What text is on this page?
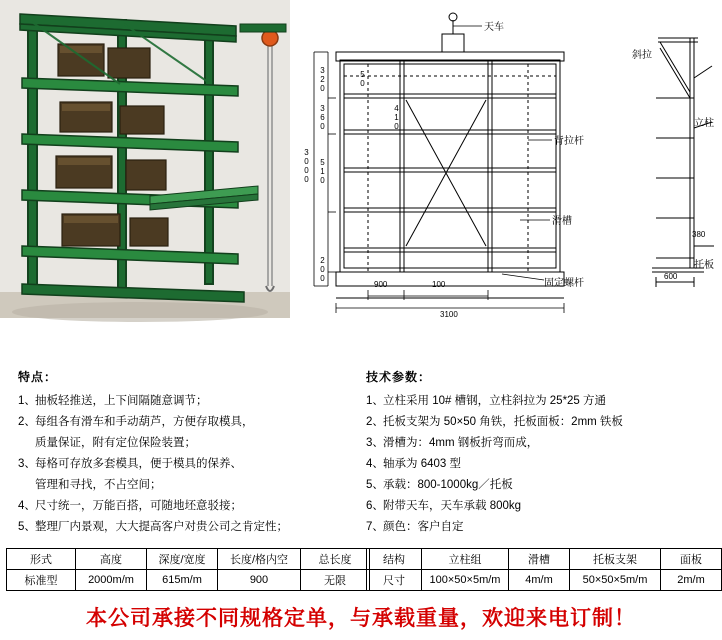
天车
背拉杆
滑槽
固定螺杆
3000
320
360
510
200
50
410
900	100
3100
斜拉
立柱
托板
380
600
特点：
1、 抽板轻推送，上下间隔随意调节；
2、 每组各有滑车和手动葫芦，方便存取模具，
质量保证，附有定位保险装置；
3、 每格可存放多套模具，便于模具的保养、
管理和寻找，不占空间；
4、 尺寸统一，万能百搭，可随地坯意驳接；
5、 整理厂内景观，大大提高客户对贵公司之肯定性；
技术参数：
1、 立柱采用 10# 槽钢，立柱斜拉为 25*25 方通
2、 托板支架为 50×50 角铁，托板面板：2mm 铁板
3、 滑槽为：4mm 钢板折弯而成，
4、 轴承为 6403 型
5、 承载：800-1000kg／托板
6、 附带天车，天车承载 800kg
7、 颜色：客户自定
形式	高度	深度/宽度	长度/格内空	总长度
标准型	2000m/m	615m/m	900	无限
结构	立柱组	滑槽	托板支架	面板
尺寸	100×50×5m/m	4m/m	50×50×5m/m	2m/m
本公司承接不同规格定单，与承载重量，欢迎来电订制！
